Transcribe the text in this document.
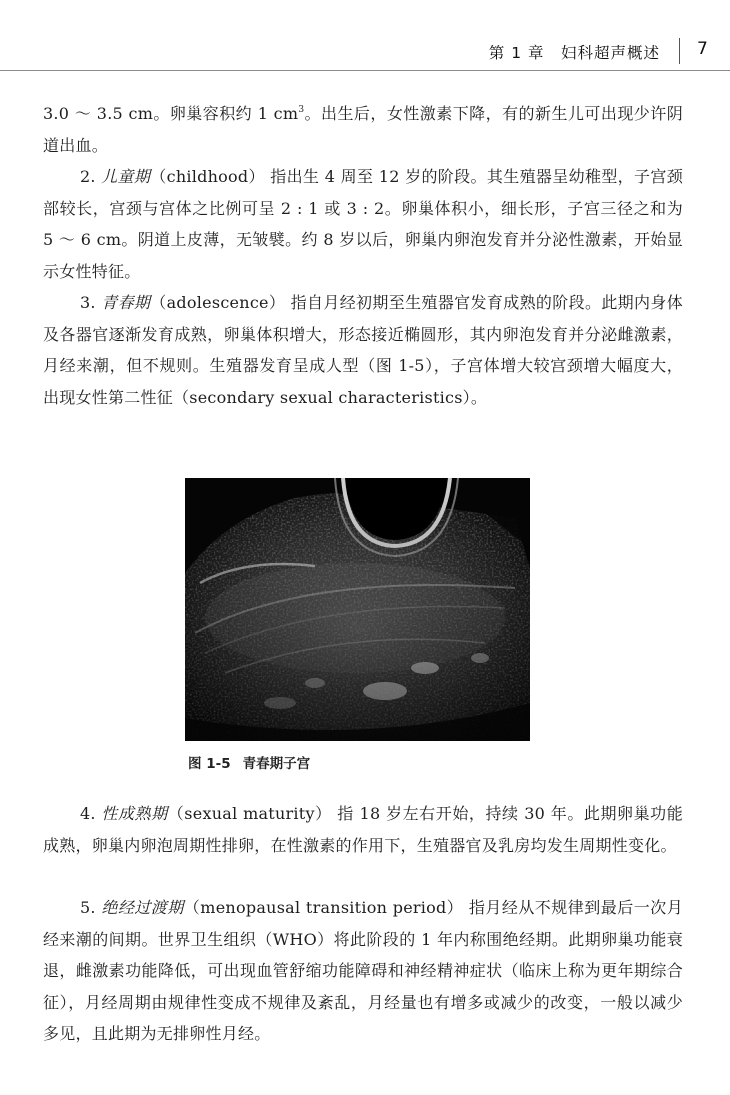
第 1 章　妇科超声概述 7

3.0 ～ 3.5 cm。卵巢容积约 1 $cm^3$。出生后，女性激素下降，有的新生儿可出现少许阴道出血。

2. 儿童期（childhood） 指出生 4 周至 12 岁的阶段。其生殖器呈幼稚型，子宫颈部较长，宫颈与宫体之比例可呈 2 : 1 或 3 : 2。卵巢体积小，细长形，子宫三径之和为 5 ～ 6 cm。阴道上皮薄，无皱襞。约 8 岁以后，卵巢内卵泡发育并分泌性激素，开始显示女性特征。

3. 青春期（adolescence） 指自月经初期至生殖器官发育成熟的阶段。此期内身体及各器官逐渐发育成熟，卵巢体积增大，形态接近椭圆形，其内卵泡发育并分泌雌激素，月经来潮，但不规则。生殖器发育呈成人型（图 1-5），子宫体增大较宫颈增大幅度大，出现女性第二性征（secondary sexual characteristics）。

图 1-5 青春期子宫

4. 性成熟期（sexual maturity） 指 18 岁左右开始，持续 30 年。此期卵巢功能成熟，卵巢内卵泡周期性排卵，在性激素的作用下，生殖器官及乳房均发生周期性变化。

5. 绝经过渡期（menopausal transition period） 指月经从不规律到最后一次月经来潮的间期。世界卫生组织（WHO）将此阶段的 1 年内称围绝经期。此期卵巢功能衰退，雌激素功能降低，可出现血管舒缩功能障碍和神经精神症状（临床上称为更年期综合征），月经周期由规律性变成不规律及紊乱，月经量也有增多或减少的改变，一般以减少多见，且此期为无排卵性月经。
